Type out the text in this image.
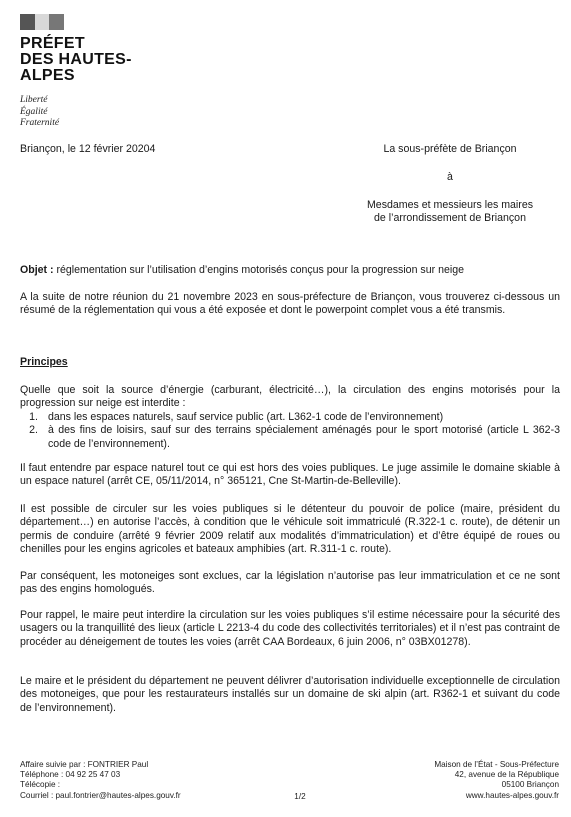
PRÉFET
DES HAUTES-
ALPES
Liberté
Égalité
Fraternité
Briançon, le 12 février 20204	La sous-préfète de Briançon
à
Mesdames et messieurs les maires
de l’arrondissement de Briançon
Objet : réglementation sur l’utilisation d’engins motorisés conçus pour la progression sur neige
A la suite de notre réunion du 21 novembre 2023 en sous-préfecture de Briançon, vous trouverez ci-dessous un résumé de la réglementation qui vous a été exposée et dont le powerpoint complet vous a été transmis.
Principes

Quelle que soit la source d’énergie (carburant, électricité…), la circulation des engins motorisés pour la progression sur neige est interdite :

1. dans les espaces naturels, sauf service public (art. L362-1 code de l’environnement)
2. à des fins de loisirs, sauf sur des terrains spécialement aménagés pour le sport motorisé (article L 362-3 code de l’environnement).
Il faut entendre par espace naturel tout ce qui est hors des voies publiques. Le juge assimile le domaine skiable à un espace naturel (arrêt CE, 05/11/2014, n° 365121, Cne St-Martin-de-Belleville).
Il est possible de circuler sur les voies publiques si le détenteur du pouvoir de police (maire, président du département…) en autorise l’accès, à condition que le véhicule soit immatriculé (R.322-1 c. route), de détenir un permis de conduire (arrêté 9 février 2009 relatif aux modalités d’immatriculation) et d’être équipé de roues ou chenilles pour les engins agricoles et bateaux amphibies (art. R.311-1 c. route).
Par conséquent, les motoneiges sont exclues, car la législation n’autorise pas leur immatriculation et ce ne sont pas des engins homologués.
Pour rappel, le maire peut interdire la circulation sur les voies publiques s’il estime nécessaire pour la sécurité des usagers ou la tranquillité des lieux (article L 2213-4 du code des collectivités territoriales) et il n’est pas contraint de procéder au déneigement de toutes les voies (arrêt CAA Bordeaux, 6 juin 2006, n° 03BX01278).
Le maire et le président du département ne peuvent délivrer d’autorisation individuelle exceptionnelle de circulation des motoneiges, que pour les restaurateurs installés sur un domaine de ski alpin (art. R362-1 et suivant du code de l’environnement).
Affaire suivie par : FONTRIER Paul
Téléphone : 04 92 25 47 03
Télécopie :
Courriel : paul.fontrier@hautes-alpes.gouv.fr	1/2
Maison de l’État - Sous-Préfecture
42, avenue de la République
05100 Briançon
www.hautes-alpes.gouv.fr
